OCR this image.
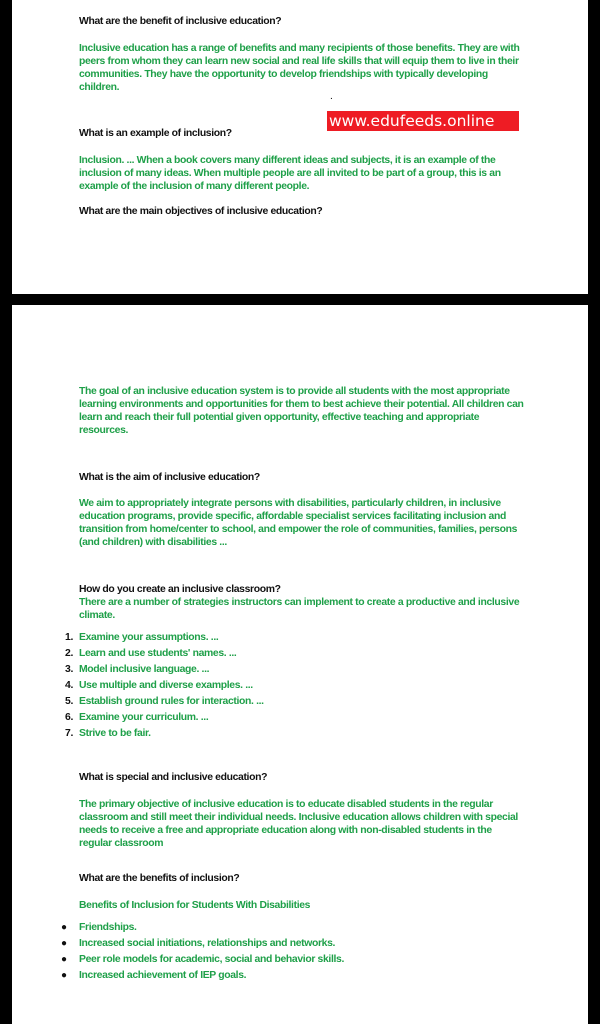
What are the benefit of inclusive education?

Inclusive education has a range of benefits and many recipients of those benefits. They are with peers from whom they can learn new social and real life skills that will equip them to live in their communities. They have the opportunity to develop friendships with typically developing children.

.
www.edufeeds.online

What is an example of inclusion?

Inclusion. ... When a book covers many different ideas and subjects, it is an example of the inclusion of many ideas. When multiple people are all invited to be part of a group, this is an example of the inclusion of many different people.

What are the main objectives of inclusive education?

The goal of an inclusive education system is to provide all students with the most appropriate learning environments and opportunities for them to best achieve their potential. All children can learn and reach their full potential given opportunity, effective teaching and appropriate resources.

What is the aim of inclusive education?

We aim to appropriately integrate persons with disabilities, particularly children, in inclusive education programs, provide specific, affordable specialist services facilitating inclusion and transition from home/center to school, and empower the role of communities, families, persons (and children) with disabilities ...

How do you create an inclusive classroom?

There are a number of strategies instructors can implement to create a productive and inclusive climate.

1. Examine your assumptions. ...
2. Learn and use students' names. ...
3. Model inclusive language. ...
4. Use multiple and diverse examples. ...
5. Establish ground rules for interaction. ...
6. Examine your curriculum. ...
7. Strive to be fair.

What is special and inclusive education?

The primary objective of inclusive education is to educate disabled students in the regular classroom and still meet their individual needs. Inclusive education allows children with special needs to receive a free and appropriate education along with non-disabled students in the regular classroom

What are the benefits of inclusion?

Benefits of Inclusion for Students With Disabilities

● Friendships.
● Increased social initiations, relationships and networks.
● Peer role models for academic, social and behavior skills.
● Increased achievement of IEP goals.
